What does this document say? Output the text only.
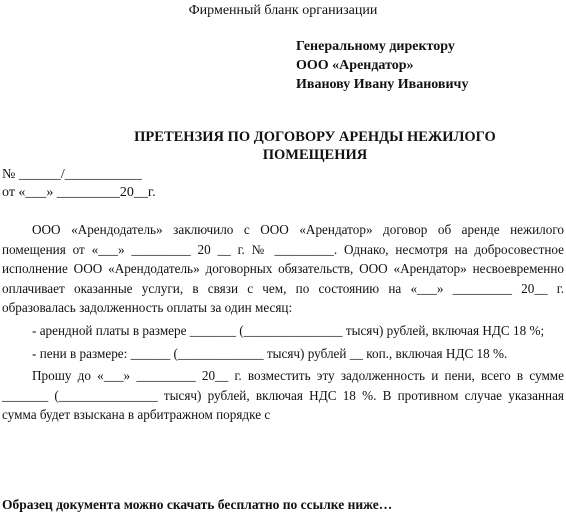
Фирменный бланк организации
Генеральному директору
ООО «Арендатор»
Иванову Ивану Ивановичу
ПРЕТЕНЗИЯ ПО ДОГОВОРУ АРЕНДЫ НЕЖИЛОГО ПОМЕЩЕНИЯ
№ ______/___________
от «___» _________20__г.

ООО «Арендодатель» заключило с ООО «Арендатор» договор об аренде нежилого помещения от «___» _________ 20 __ г. № _________. Однако, несмотря на добросовестное исполнение ООО «Арендодатель» договорных обязательств, ООО «Арендатор» несвоевременно оплачивает оказанные услуги, в связи с чем, по состоянию на «___» _________ 20__ г. образовалась задолженность оплаты за один месяц:

- арендной платы в размере _______ (_______________ тысяч) рублей, включая НДС 18 %;

- пени в размере: ______ (_____________ тысяч) рублей __ коп., включая НДС 18 %.

Прошу до «___» _________ 20__ г. возместить эту задолженность и пени, всего в сумме _______ (_______________ тысяч) рублей, включая НДС 18 %. В противном случае указанная сумма будет взыскана в арбитражном порядке с

Образец документа можно скачать бесплатно по ссылке ниже…
